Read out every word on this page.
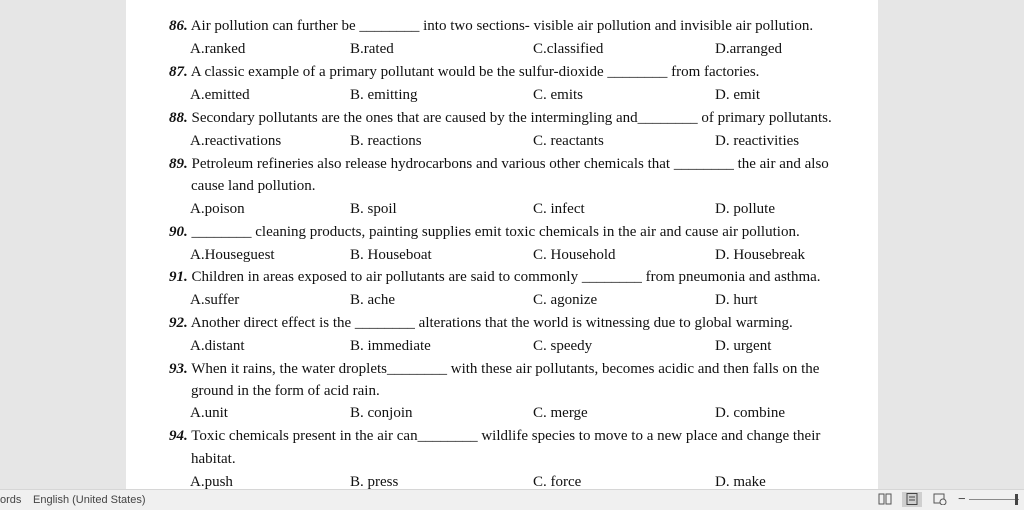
86. Air pollution can further be ________ into two sections- visible air pollution and invisible air pollution.
A.ranked	B.rated	C.classified	D.arranged
87. A classic example of a primary pollutant would be the sulfur-dioxide ________ from factories.
A.emitted	B. emitting	C. emits	D. emit
88. Secondary pollutants are the ones that are caused by the intermingling and________ of primary pollutants.
A.reactivations	B. reactions	C. reactants	D. reactivities
89. Petroleum refineries also release hydrocarbons and various other chemicals that ________ the air and also
cause land pollution.
A.poison	B. spoil	C. infect	D. pollute
90. ________ cleaning products, painting supplies emit toxic chemicals in the air and cause air pollution.
A.Houseguest	B. Houseboat	C. Household	D. Housebreak
91. Children in areas exposed to air pollutants are said to commonly ________ from pneumonia and asthma.
A.suffer	B. ache	C. agonize	D. hurt
92. Another direct effect is the ________ alterations that the world is witnessing due to global warming.
A.distant	B. immediate	C. speedy	D. urgent
93. When it rains, the water droplets________ with these air pollutants, becomes acidic and then falls on the
ground in the form of acid rain.
A.unit	B. conjoin	C. merge	D. combine
94. Toxic chemicals present in the air can________ wildlife species to move to a new place and change their
habitat.
A.push	B. press	C. force	D. make
ords English (United States)	−
